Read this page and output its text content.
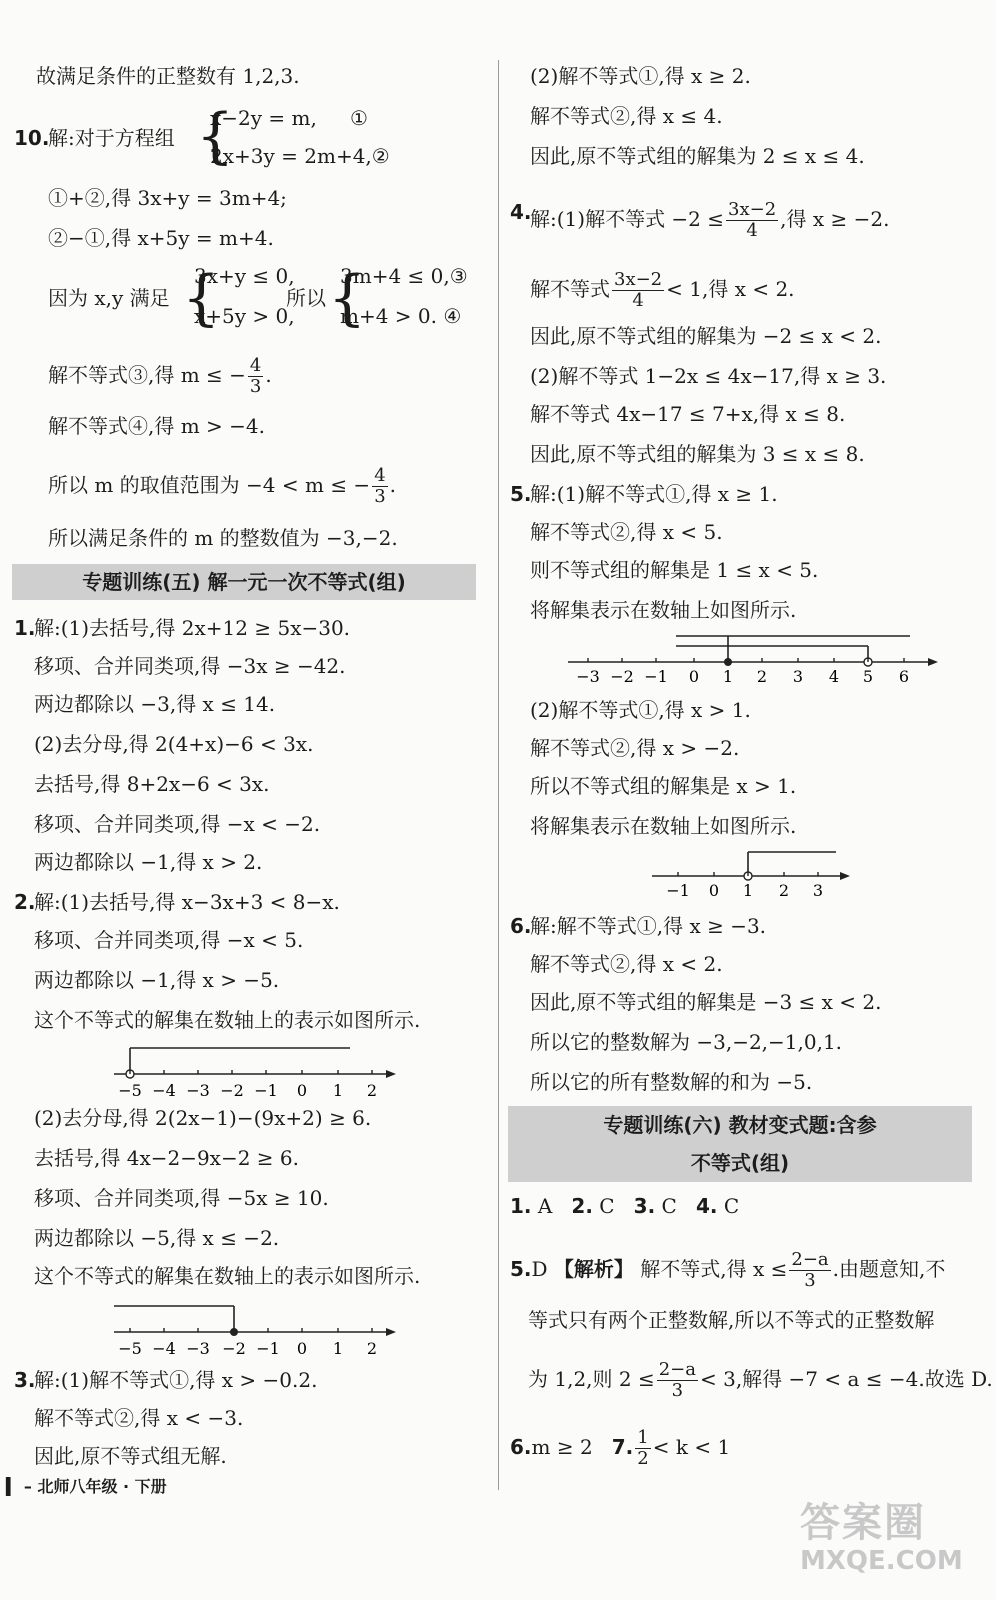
故满足条件的正整数有 1,2,3.
10.
解:对于方程组 {
x−2y = m, ①
2x+3y = 2m+4,②
①+②,得 3x+y = 3m+4;
②−①,得 x+5y = m+4.
因为 x,y 满足 {
3x+y ≤ 0,
x+5y > 0,
所以 {
3m+4 ≤ 0,③
m+4 > 0. ④
解不等式③,得 m ≤ − $\frac{4}{3}$ .
解不等式④,得 m > −4.
所以 m 的取值范围为 −4 < m ≤ − $\frac{4}{3}$ .
所以满足条件的 m 的整数值为 −3,−2.
专题训练(五) 解一元一次不等式(组)
1.
解:(1)去括号,得 2x+12 ≥ 5x−30.
移项、合并同类项,得 −3x ≥ −42.
两边都除以 −3,得 x ≤ 14.
(2)去分母,得 2(4+x)−6 < 3x.
去括号,得 8+2x−6 < 3x.
移项、合并同类项,得 −x < −2.
两边都除以 −1,得 x > 2.
2.
解:(1)去括号,得 x−3x+3 < 8−x.
移项、合并同类项,得 −x < 5.
两边都除以 −1,得 x > −5.
这个不等式的解集在数轴上的表示如图所示.
−5 −4 −3 −2 −1 0 1 2
(2)去分母,得 2(2x−1)−(9x+2) ≥ 6.
去括号,得 4x−2−9x−2 ≥ 6.
移项、合并同类项,得 −5x ≥ 10.
两边都除以 −5,得 x ≤ −2.
这个不等式的解集在数轴上的表示如图所示.
−5 −4 −3 −2 −1 0 1 2
3.
解:(1)解不等式①,得 x > −0.2.
解不等式②,得 x < −3.
因此,原不等式组无解.
▍ – 北师八年级 · 下册
(2)解不等式①,得 x ≥ 2.
解不等式②,得 x ≤ 4.
因此,原不等式组的解集为 2 ≤ x ≤ 4.
4.
解:(1)解不等式 $-2 \le \frac{3x-2}{4}$ ,得 x ≥ −2.
解不等式 $\frac{3x-2}{4} < 1$,得 x < 2.
因此,原不等式组的解集为 −2 ≤ x < 2.
(2)解不等式 1−2x ≤ 4x−17,得 x ≥ 3.
解不等式 4x−17 ≤ 7+x,得 x ≤ 8.
因此,原不等式组的解集为 3 ≤ x ≤ 8.
5.
解:(1)解不等式①,得 x ≥ 1.
解不等式②,得 x < 5.
则不等式组的解集是 1 ≤ x < 5.
将解集表示在数轴上如图所示.
−3 −2 −1 0 1 2 3 4 5 6
(2)解不等式①,得 x > 1.
解不等式②,得 x > −2.
所以不等式组的解集是 x > 1.
将解集表示在数轴上如图所示.
−1 0 1 2 3
6.
解:解不等式①,得 x ≥ −3.
解不等式②,得 x < 2.
因此,原不等式组的解集是 −3 ≤ x < 2.
所以它的整数解为 −3,−2,−1,0,1.
所以它的所有整数解的和为 −5.
专题训练(六) 教材变式题:含参
不等式(组)
1. A 2. C 3. C 4. C
5.D 【解析】 解不等式,得 $x \le \frac{2-a}{3}$ .由题意知,不
等式只有两个正整数解,所以不等式的正整数解
为 1,2,则 $2 \le \frac{2-a}{3} < 3$,解得 −7 < a ≤ −4.故选 D.
6.m ≥ 2 7. $\frac{1}{2} < k < 1$
答案圈
MXQE.COM
